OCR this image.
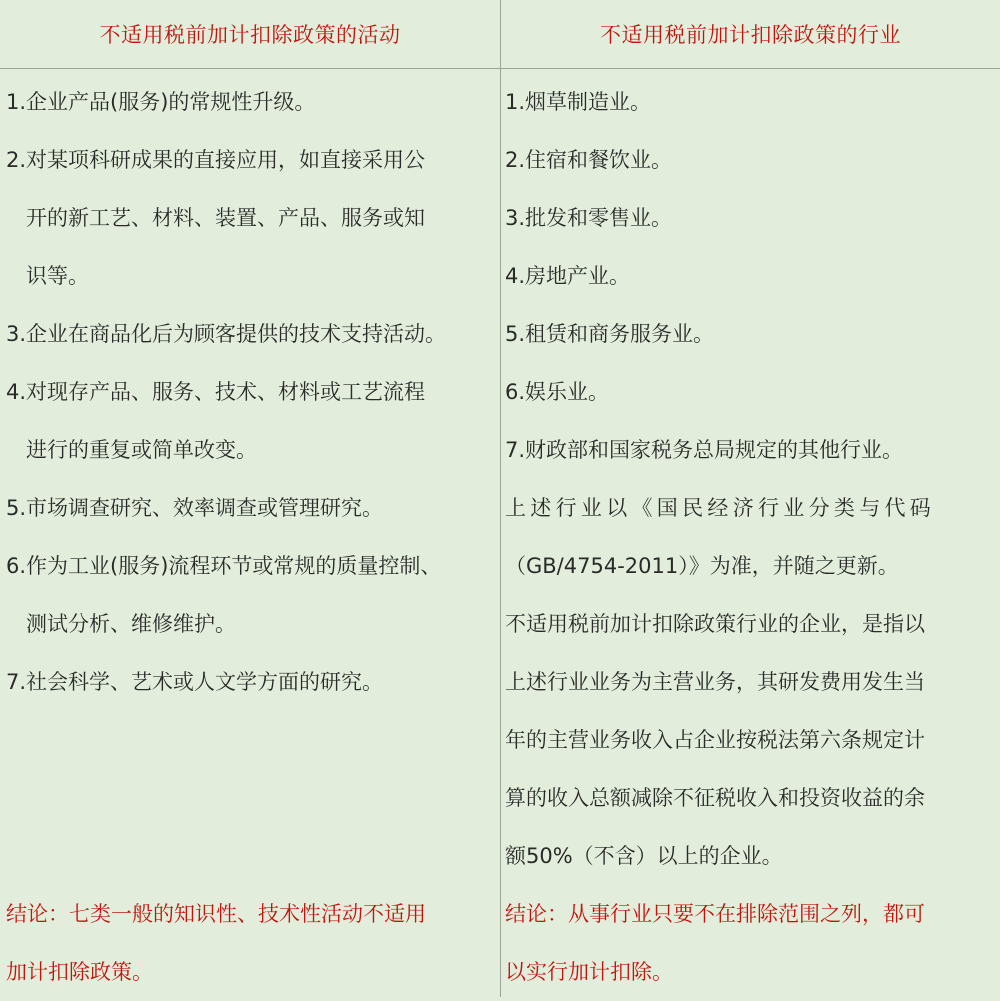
不适用税前加计扣除政策的活动	不适用税前加计扣除政策的行业
1.企业产品(服务)的常规性升级。
2.对某项科研成果的直接应用，如直接采用公
开的新工艺、材料、装置、产品、服务或知
识等。
3.企业在商品化后为顾客提供的技术支持活动。
4.对现存产品、服务、技术、材料或工艺流程
进行的重复或简单改变。
5.市场调查研究、效率调查或管理研究。
6.作为工业(服务)流程环节或常规的质量控制、
测试分析、维修维护。
7.社会科学、艺术或人文学方面的研究。
结论：七类一般的知识性、技术性活动不适用
加计扣除政策。
1.烟草制造业。
2.住宿和餐饮业。
3.批发和零售业。
4.房地产业。
5.租赁和商务服务业。
6.娱乐业。
7.财政部和国家税务总局规定的其他行业。
上述行业以《国民经济行业分类与代码
（GB/4754-2011）》为准，并随之更新。
不适用税前加计扣除政策行业的企业，是指以
上述行业业务为主营业务，其研发费用发生当
年的主营业务收入占企业按税法第六条规定计
算的收入总额减除不征税收入和投资收益的余
额50%（不含）以上的企业。
结论：从事行业只要不在排除范围之列，都可
以实行加计扣除。
